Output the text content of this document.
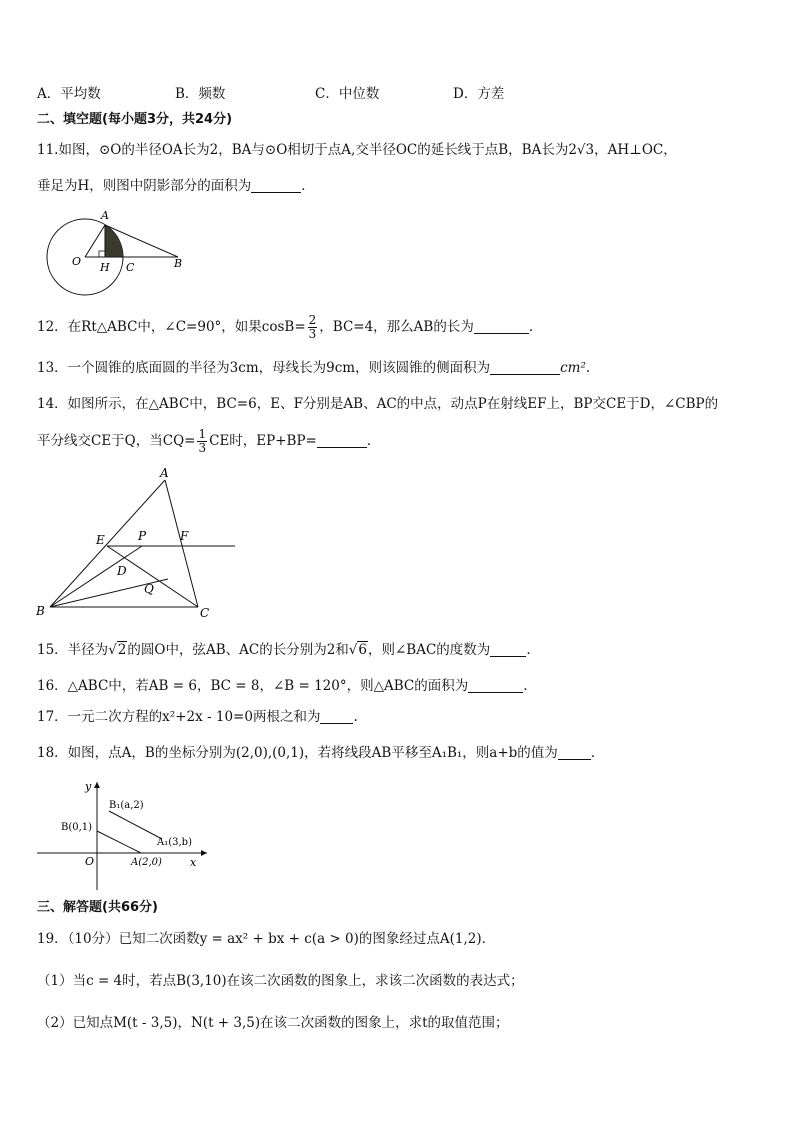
A．平均数	B．频数	C．中位数	D．方差
二、填空题(每小题3分，共24分)
11.如图，⊙O的半径OA长为2，BA与⊙O相切于点A,交半径OC的延长线于点B，BA长为2√3，AH⊥OC，
垂足为H，则图中阴影部分的面积为	．
A
O H C	B
12．在Rt△ABC中，∠C=90°，如果$\cos B= \frac{2}{3}$ ，BC=4，那么AB的长为	.
13．一个圆锥的底面圆的半径为3cm，母线长为9cm，则该圆锥的侧面积为	cm².
14．如图所示，在△ABC中，BC=6，E、F分别是AB、AC的中点，动点P在射线EF上，BP交CE于D，∠CBP的
平分线交CE于Q，当$CQ= \frac{1}{3}$ CE时，EP+BP=	．
A
E	P	F
D
Q
B	C
15．半径为√2的圆O中，弦AB、AC的长分别为2和√6，则∠BAC的度数为	.
16．△ABC中，若AB = 6，BC = 8，∠B = 120°，则△ABC的面积为	.
17．一元二次方程的x²+2x - 10=0两根之和为 .
18．如图，点A，B的坐标分别为(2,0),(0,1)，若将线段AB平移至A₁B₁，则a+b的值为 ．
y
x
O
B(0,1)
A(2,0)
B₁(a,2)
A₁(3,b)
三、解答题(共66分)
19．（10分）已知二次函数y = ax² + bx + c(a > 0)的图象经过点A(1,2)．
（1）当c = 4时，若点B(3,10)在该二次函数的图象上，求该二次函数的表达式；
（2）已知点M(t - 3,5)，N(t + 3,5)在该二次函数的图象上，求t的取值范围；
